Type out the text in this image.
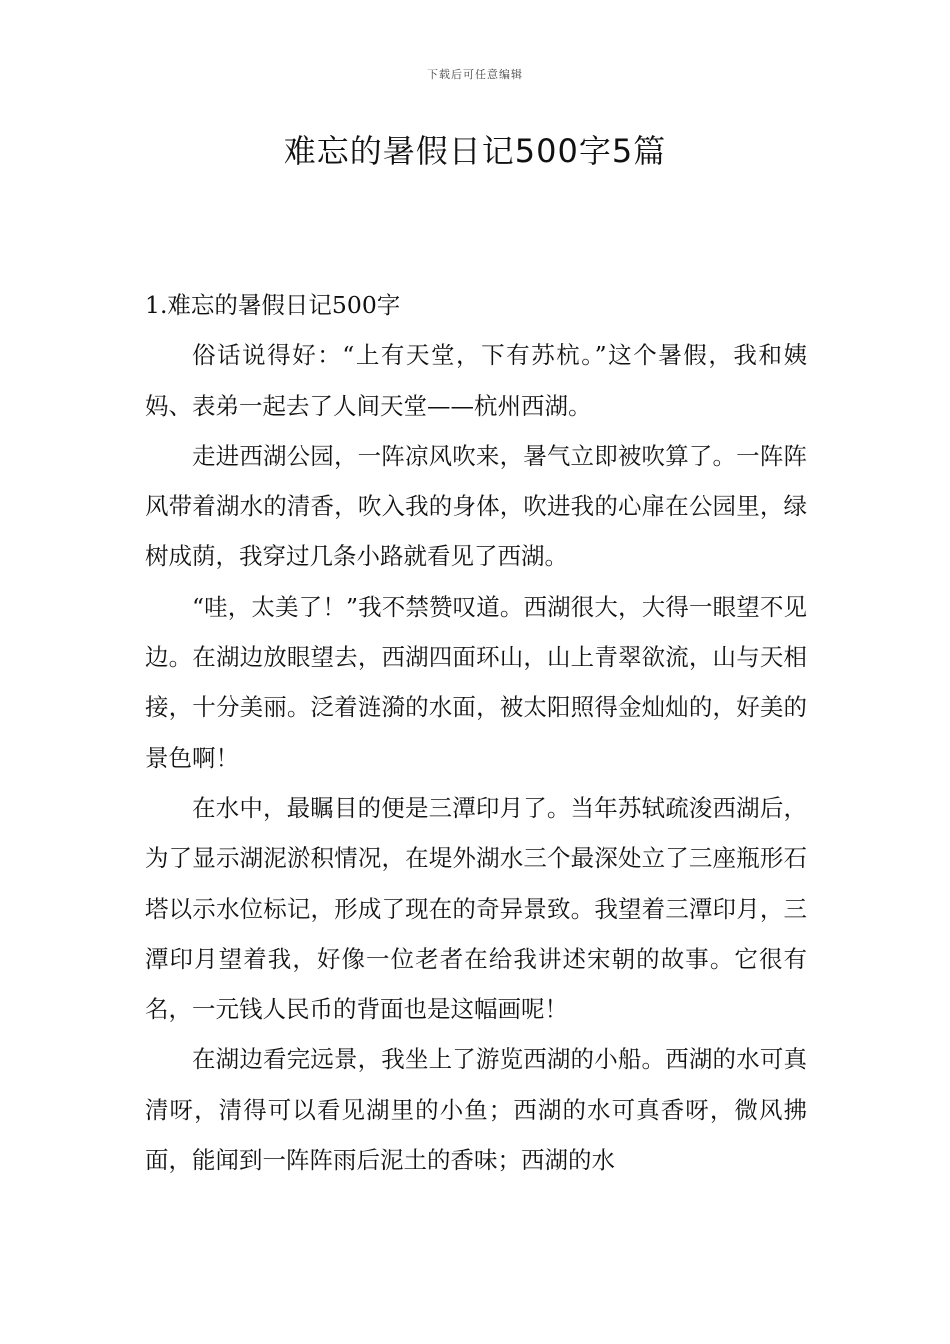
下载后可任意编辑
难忘的暑假日记500字5篇
1.难忘的暑假日记500字

俗话说得好：“上有天堂，下有苏杭。”这个暑假，我和姨妈、表弟一起去了人间天堂——杭州西湖。

走进西湖公园，一阵凉风吹来，暑气立即被吹算了。一阵阵风带着湖水的清香，吹入我的身体，吹进我的心扉在公园里，绿树成荫，我穿过几条小路就看见了西湖。

“哇，太美了！”我不禁赞叹道。西湖很大，大得一眼望不见边。在湖边放眼望去，西湖四面环山，山上青翠欲流，山与天相接，十分美丽。泛着涟漪的水面，被太阳照得金灿灿的，好美的景色啊！

在水中，最瞩目的便是三潭印月了。当年苏轼疏浚西湖后，为了显示湖泥淤积情况，在堤外湖水三个最深处立了三座瓶形石塔以示水位标记，形成了现在的奇异景致。我望着三潭印月，三潭印月望着我，好像一位老者在给我讲述宋朝的故事。它很有名，一元钱人民币的背面也是这幅画呢！

在湖边看完远景，我坐上了游览西湖的小船。西湖的水可真清呀，清得可以看见湖里的小鱼；西湖的水可真香呀，微风拂面，能闻到一阵阵雨后泥土的香味；西湖的水
